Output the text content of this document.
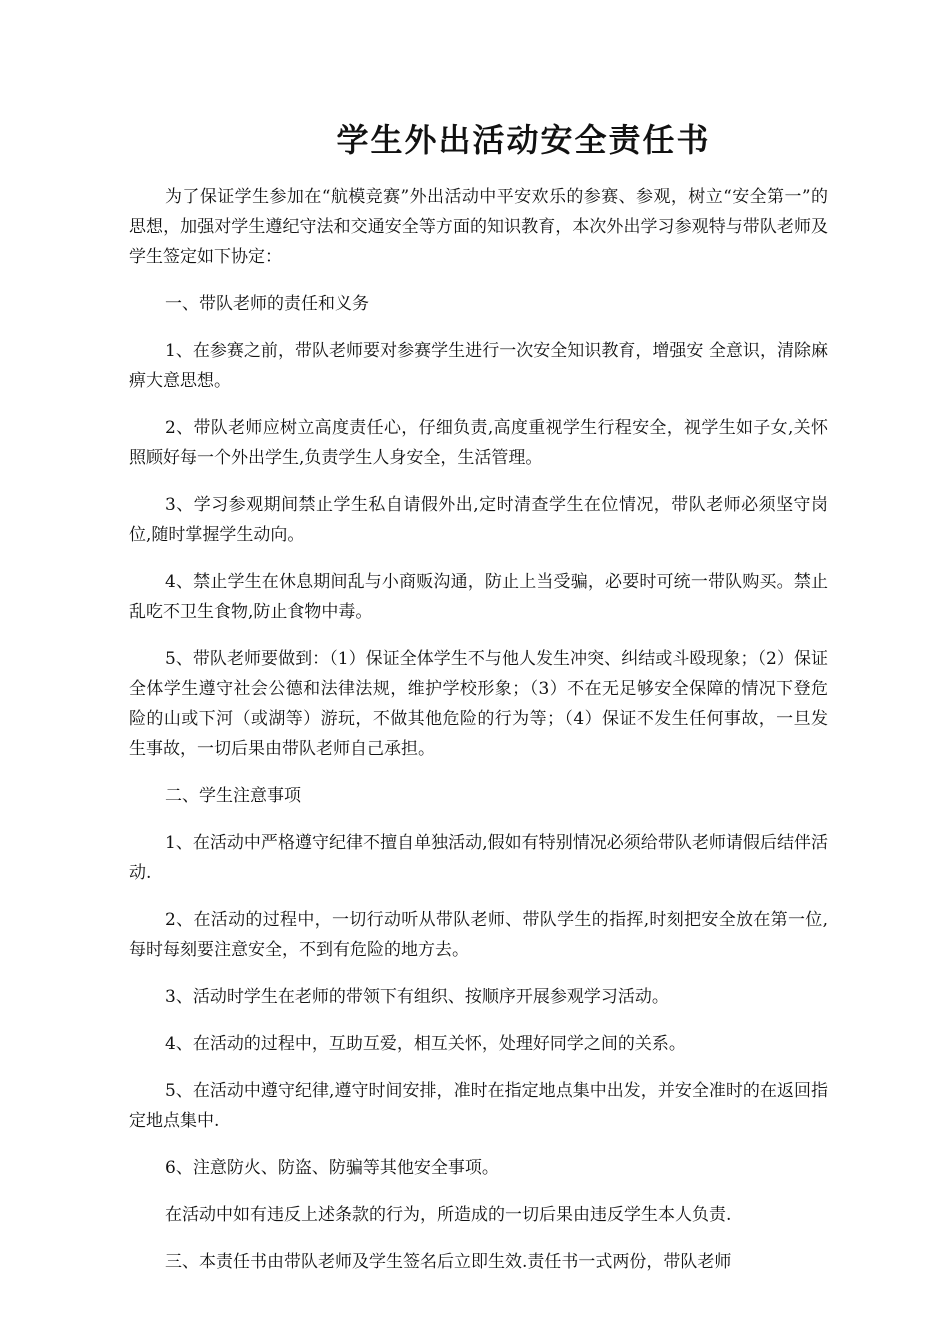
学生外出活动安全责任书

为了保证学生参加在“航模竞赛”外出活动中平安欢乐的参赛、参观，树立“安全第一”的思想，加强对学生遵纪守法和交通安全等方面的知识教育，本次外出学习参观特与带队老师及学生签定如下协定：

一、带队老师的责任和义务

1、在参赛之前，带队老师要对参赛学生进行一次安全知识教育，增强安 全意识，清除麻痹大意思想。

2、带队老师应树立高度责任心，仔细负责,高度重视学生行程安全，视学生如子女,关怀照顾好每一个外出学生,负责学生人身安全，生活管理。

3、学习参观期间禁止学生私自请假外出,定时清查学生在位情况，带队老师必须坚守岗位,随时掌握学生动向。

4、禁止学生在休息期间乱与小商贩沟通，防止上当受骗，必要时可统一带队购买。禁止乱吃不卫生食物,防止食物中毒。

5、带队老师要做到：（1）保证全体学生不与他人发生冲突、纠结或斗殴现象；（2）保证全体学生遵守社会公德和法律法规，维护学校形象；（3）不在无足够安全保障的情况下登危险的山或下河（或湖等）游玩，不做其他危险的行为等；（4）保证不发生任何事故，一旦发生事故，一切后果由带队老师自己承担。

二、学生注意事项

1、在活动中严格遵守纪律不擅自单独活动,假如有特别情况必须给带队老师请假后结伴活动.

2、在活动的过程中，一切行动听从带队老师、带队学生的指挥,时刻把安全放在第一位,每时每刻要注意安全，不到有危险的地方去。

3、活动时学生在老师的带领下有组织、按顺序开展参观学习活动。

4、在活动的过程中，互助互爱，相互关怀，处理好同学之间的关系。

5、在活动中遵守纪律,遵守时间安排，准时在指定地点集中出发，并安全准时的在返回指定地点集中.

6、注意防火、防盗、防骗等其他安全事项。

在活动中如有违反上述条款的行为，所造成的一切后果由违反学生本人负责.

三、本责任书由带队老师及学生签名后立即生效.责任书一式两份，带队老师
